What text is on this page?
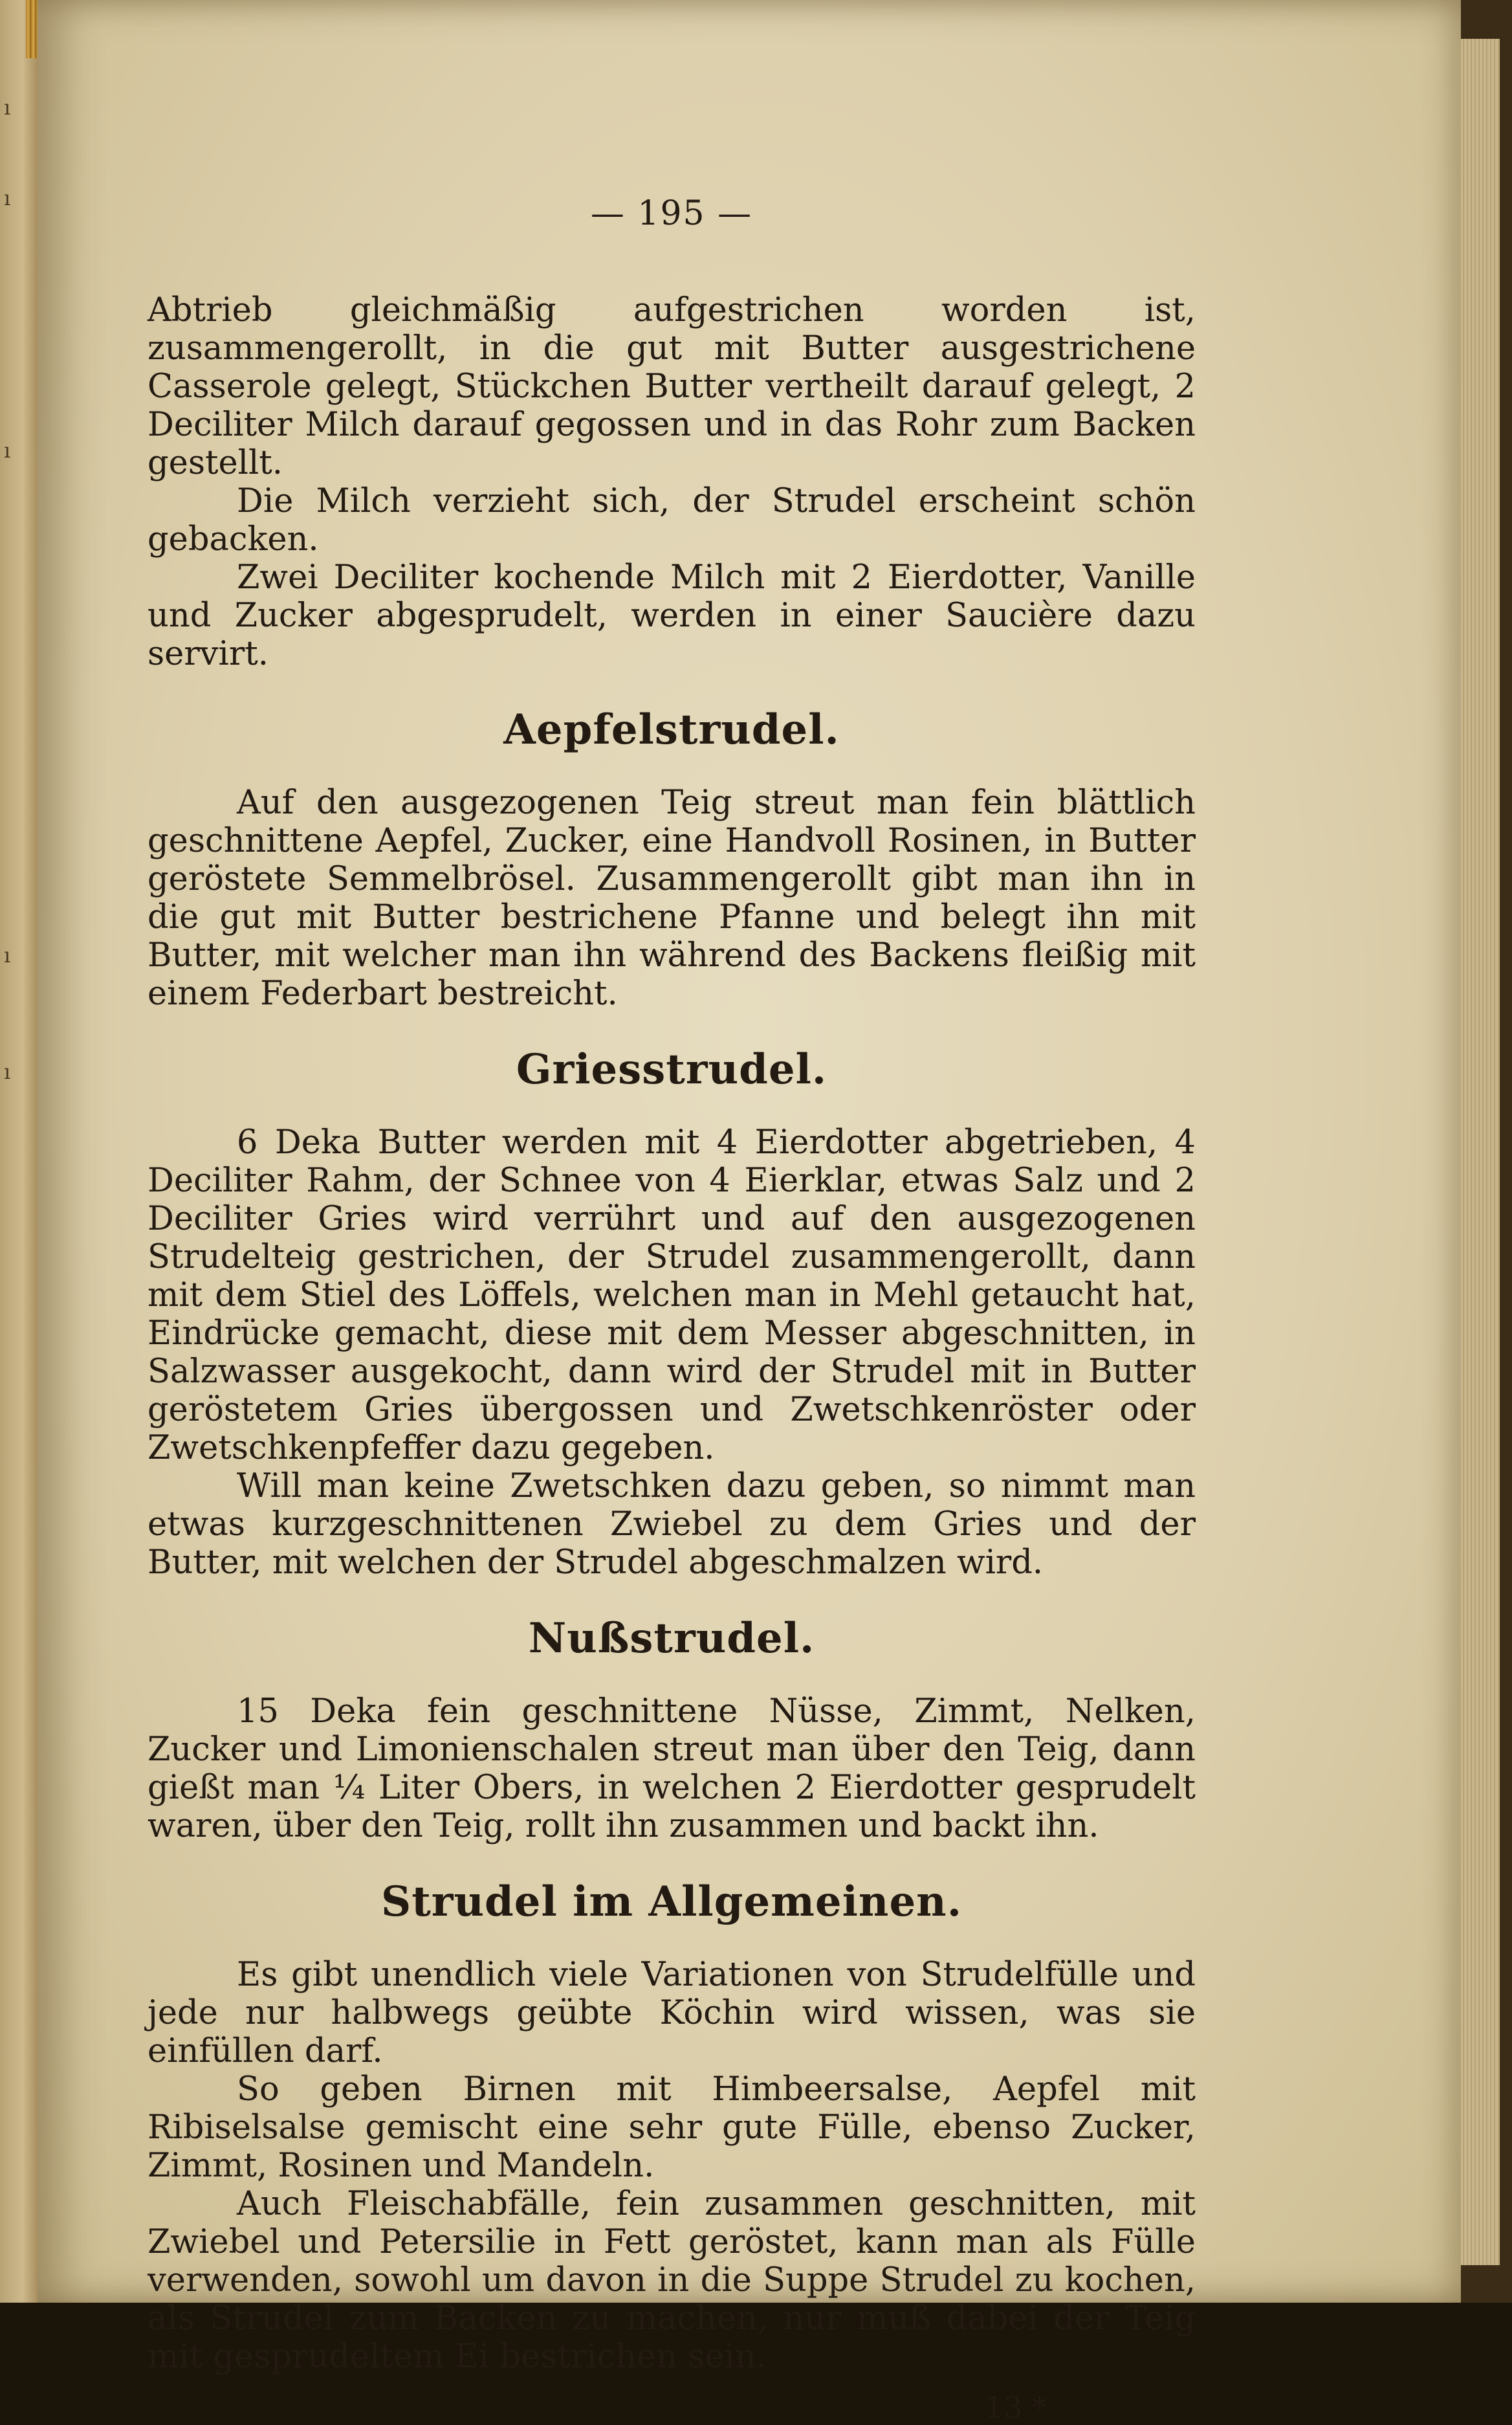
ı
ı
ı
ı
ı
— 195 —

Abtrieb gleichmäßig aufgestrichen worden ist, zusammengerollt, in die gut mit Butter ausgestrichene Casserole gelegt, Stückchen Butter vertheilt darauf gelegt, 2 Deciliter Milch darauf gegossen und in das Rohr zum Backen gestellt.

Die Milch verzieht sich, der Strudel erscheint schön gebacken.

Zwei Deciliter kochende Milch mit 2 Eierdotter, Vanille und Zucker abgesprudelt, werden in einer Saucière dazu servirt.

Aepfelstrudel.

Auf den ausgezogenen Teig streut man fein blättlich geschnittene Aepfel, Zucker, eine Handvoll Rosinen, in Butter geröstete Semmelbrösel. Zusammengerollt gibt man ihn in die gut mit Butter bestrichene Pfanne und belegt ihn mit Butter, mit welcher man ihn während des Backens fleißig mit einem Federbart bestreicht.

Griesstrudel.

6 Deka Butter werden mit 4 Eierdotter abgetrieben, 4 Deciliter Rahm, der Schnee von 4 Eierklar, etwas Salz und 2 Deciliter Gries wird verrührt und auf den ausgezogenen Strudelteig gestrichen, der Strudel zusammengerollt, dann mit dem Stiel des Löffels, welchen man in Mehl getaucht hat, Eindrücke gemacht, diese mit dem Messer abgeschnitten, in Salzwasser ausgekocht, dann wird der Strudel mit in Butter geröstetem Gries übergossen und Zwetschkenröster oder Zwetschkenpfeffer dazu gegeben.

Will man keine Zwetschken dazu geben, so nimmt man etwas kurzgeschnittenen Zwiebel zu dem Gries und der Butter, mit welchen der Strudel abgeschmalzen wird.

Nußstrudel.

15 Deka fein geschnittene Nüsse, Zimmt, Nelken, Zucker und Limonienschalen streut man über den Teig, dann gießt man ¼ Liter Obers, in welchen 2 Eierdotter gesprudelt waren, über den Teig, rollt ihn zusammen und backt ihn.

Strudel im Allgemeinen.

Es gibt unendlich viele Variationen von Strudelfülle und jede nur halbwegs geübte Köchin wird wissen, was sie einfüllen darf.

So geben Birnen mit Himbeersalse, Aepfel mit Ribiselsalse gemischt eine sehr gute Fülle, ebenso Zucker, Zimmt, Rosinen und Mandeln.

Auch Fleischabfälle, fein zusammen geschnitten, mit Zwiebel und Petersilie in Fett geröstet, kann man als Fülle verwenden, sowohl um davon in die Suppe Strudel zu kochen, als Strudel zum Backen zu machen, nur muß dabei der Teig mit gesprudeltem Ei bestrichen sein.

13 *
